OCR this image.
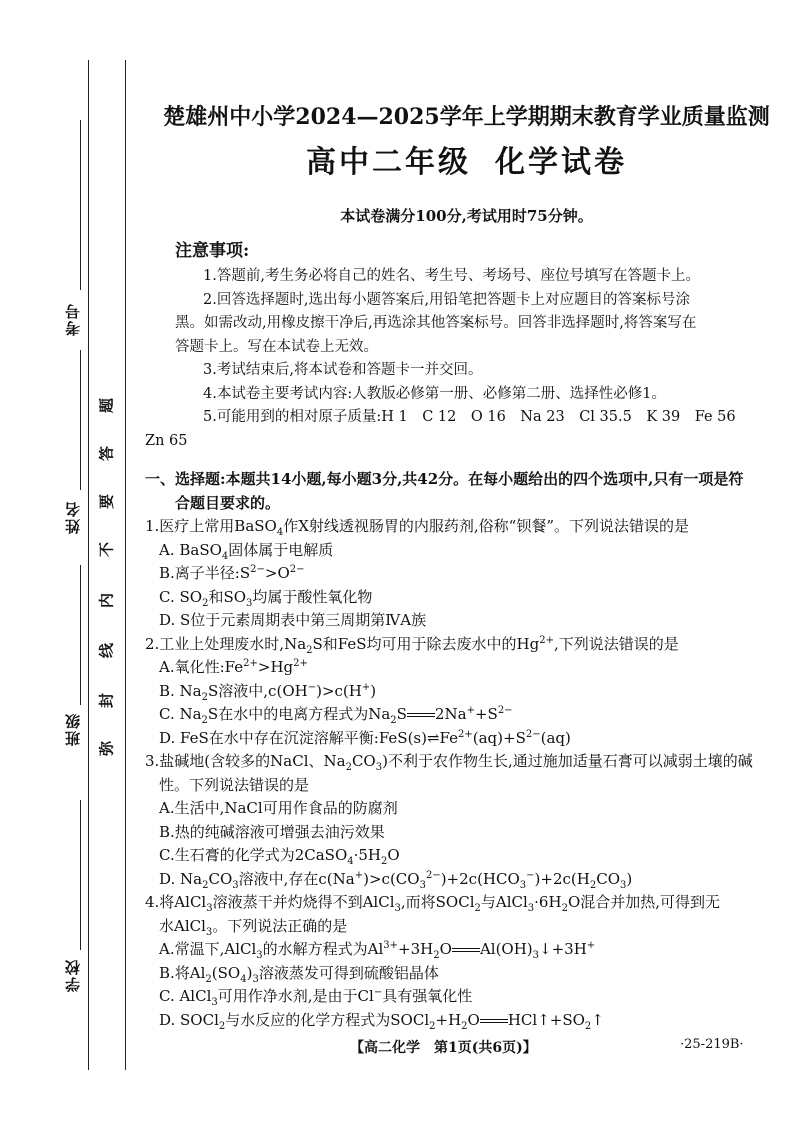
考号
姓名
班级
学校
题
答
要
不
内
线
封
弥
楚雄州中小学2024—2025学年上学期期末教育学业质量监测
高中二年级 化学试卷
本试卷满分100分,考试用时75分钟。
注意事项:
1.答题前,考生务必将自己的姓名、考生号、考场号、座位号填写在答题卡上。
2.回答选择题时,选出每小题答案后,用铅笔把答题卡上对应题目的答案标号涂
黑。如需改动,用橡皮擦干净后,再选涂其他答案标号。回答非选择题时,将答案写在
答题卡上。写在本试卷上无效。
3.考试结束后,将本试卷和答题卡一并交回。
4.本试卷主要考试内容:人教版必修第一册、必修第二册、选择性必修1。
5.可能用到的相对原子质量:H 1　C 12　O 16　Na 23　Cl 35.5　K 39　Fe 56
Zn 65
一、选择题:本题共14小题,每小题3分,共42分。在每小题给出的四个选项中,只有一项是符
合题目要求的。
1.医疗上常用BaSO$_4$作X射线透视肠胃的内服药剂,俗称“钡餐”。下列说法错误的是
A. BaSO$_4$固体属于电解质
B.离子半径$:S^{2-}>O^{2-}$
C. $SO_2$和$SO_3$均属于酸性氧化物
D. S位于元素周期表中第三周期第ⅣA族
2.工业上处理废水时$,Na_2S$和FeS均可用于除去废水中的$Hg^{2+}$,下列说法错误的是
A.氧化性$:Fe^{2+}>Hg^{2+}$
B. $Na_2S$溶液中,c(OH−)>c(H+)
C. $Na_2S$在水中的电离方程式为$Na_2S$ $2Na^++S^{2-}$
D. FeS在水中存在沉淀溶解平衡$:FeS(s)\rightleftharpoons Fe^{2+}(aq)+S^{2-}(aq)$
3.盐碱地(含较多的NaCl、$Na_2CO_3$)不利于农作物生长,通过施加适量石膏可以减弱土壤的碱
性。下列说法错误的是
A.生活中,NaCl可用作食品的防腐剂
B.热的纯碱溶液可增强去油污效果
C.生石膏的化学式为$2CaSO_4\cdot 5H_2O$
D. $Na_2CO_3$溶液中,存在$c(Na^+)>c(CO_3^{2-})+2c(HCO_3^-)+2c(H_2CO_3)$
4.将AlCl$_3$溶液蒸干并灼烧得不到AlCl$_3$,而将SOCl$_2$与$AlCl_3\cdot 6H_2O$混合并加热,可得到无
水AlCl$_3$。下列说法正确的是
A.常温下,AlCl$_3$的水解方程式为$Al^{3+}+3H_2O$ $Al(OH)_3↓+3H^+$
B.将$Al_2(SO_4)_3$溶液蒸发可得到硫酸铝晶体
C. AlCl$_3$可用作净水剂,是由于Cl−具有强氧化性
D. SOCl$_2$与水反应的化学方程式为$SOCl_2+H_2O$ $HCl↑+SO_2↑$
【高二化学　第1页(共6页)】	·25-219B·
